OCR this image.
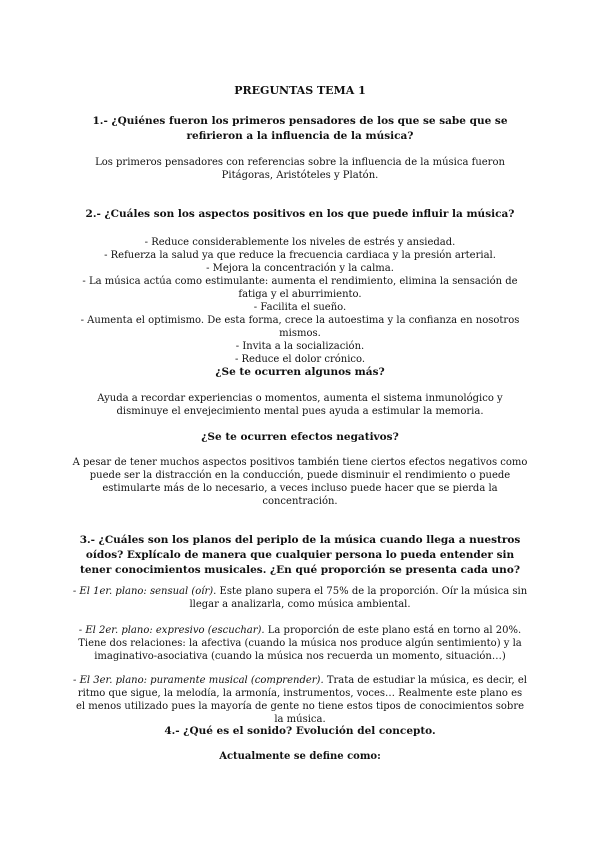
PREGUNTAS TEMA 1
1.- ¿Quiénes fueron los primeros pensadores de los que se sabe que se refirieron a la influencia de la música?
Los primeros pensadores con referencias sobre la influencia de la música fueron Pitágoras, Aristóteles y Platón.
2.- ¿Cuáles son los aspectos positivos en los que puede influir la música?
- Reduce considerablemente los niveles de estrés y ansiedad.
- Refuerza la salud ya que reduce la frecuencia cardiaca y la presión arterial.
- Mejora la concentración y la calma.
- La música actúa como estimulante: aumenta el rendimiento, elimina la sensación de fatiga y el aburrimiento.
- Facilita el sueño.
- Aumenta el optimismo. De esta forma, crece la autoestima y la confianza en nosotros mismos.
- Invita a la socialización.
- Reduce el dolor crónico.
¿Se te ocurren algunos más?
Ayuda a recordar experiencias o momentos, aumenta el sistema inmunológico y disminuye el envejecimiento mental pues ayuda a estimular la memoria.
¿Se te ocurren efectos negativos?
A pesar de tener muchos aspectos positivos también tiene ciertos efectos negativos como puede ser la distracción en la conducción, puede disminuir el rendimiento o puede estimularte más de lo necesario, a veces incluso puede hacer que se pierda la concentración.
3.- ¿Cuáles son los planos del periplo de la música cuando llega a nuestros oídos? Explícalo de manera que cualquier persona lo pueda entender sin tener conocimientos musicales. ¿En qué proporción se presenta cada uno?
- El 1er. plano: sensual (oír). Este plano supera el 75% de la proporción. Oír la música sin llegar a analizarla, como música ambiental.
- El 2er. plano: expresivo (escuchar). La proporción de este plano está en torno al 20%. Tiene dos relaciones: la afectiva (cuando la música nos produce algún sentimiento) y la imaginativo-asociativa (cuando la música nos recuerda un momento, situación…)
- El 3er. plano: puramente musical (comprender). Trata de estudiar la música, es decir, el ritmo que sigue, la melodía, la armonía, instrumentos, voces… Realmente este plano es el menos utilizado pues la mayoría de gente no tiene estos tipos de conocimientos sobre la música.
4.- ¿Qué es el sonido? Evolución del concepto.
Actualmente se define como:
